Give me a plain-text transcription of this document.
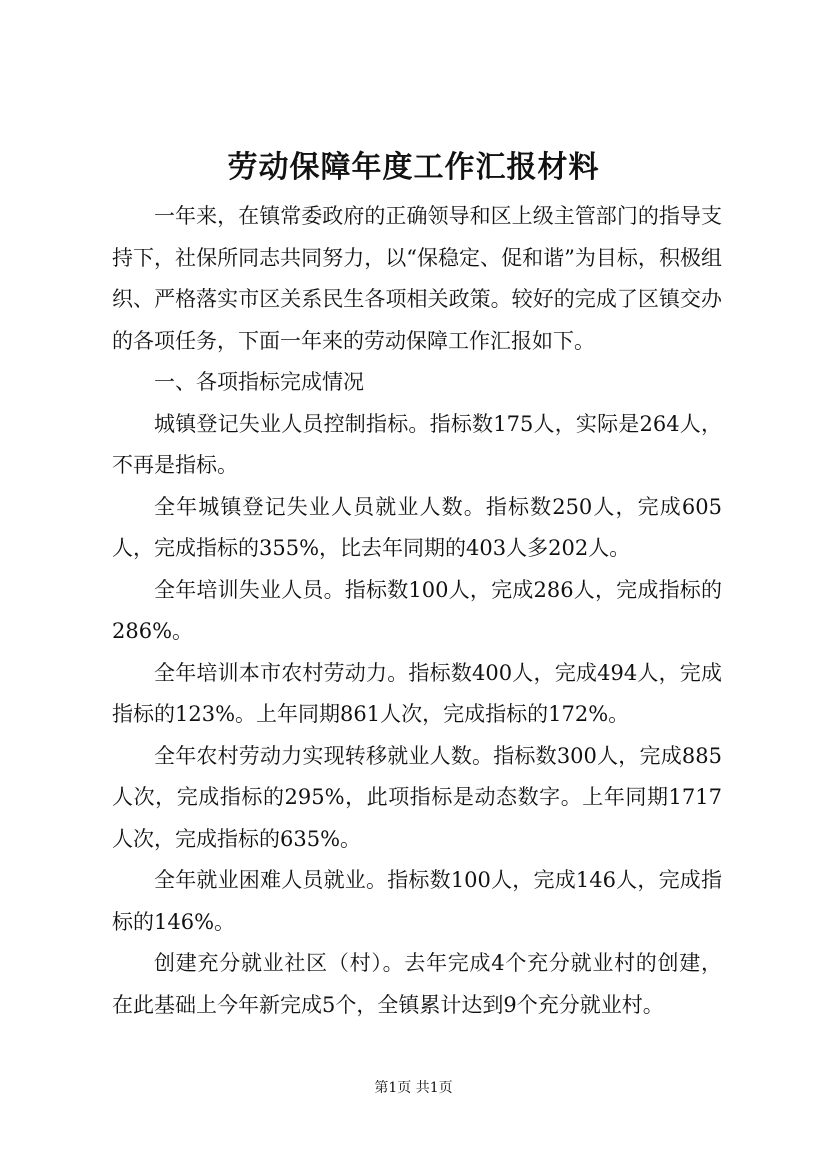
劳动保障年度工作汇报材料

一年来，在镇常委政府的正确领导和区上级主管部门的指导支持下，社保所同志共同努力，以“保稳定、促和谐”为目标，积极组织、严格落实市区关系民生各项相关政策。较好的完成了区镇交办的各项任务，下面一年来的劳动保障工作汇报如下。

一、各项指标完成情况

城镇登记失业人员控制指标。指标数175人，实际是264人，不再是指标。

全年城镇登记失业人员就业人数。指标数250人，完成605人，完成指标的355%，比去年同期的403人多202人。

全年培训失业人员。指标数100人，完成286人，完成指标的286%。

全年培训本市农村劳动力。指标数400人，完成494人，完成指标的123%。上年同期861人次，完成指标的172%。

全年农村劳动力实现转移就业人数。指标数300人，完成885人次，完成指标的295%，此项指标是动态数字。上年同期1717人次，完成指标的635%。

全年就业困难人员就业。指标数100人，完成146人，完成指标的146%。

创建充分就业社区（村）。去年完成4个充分就业村的创建，在此基础上今年新完成5个，全镇累计达到9个充分就业村。

第1页 共1页
